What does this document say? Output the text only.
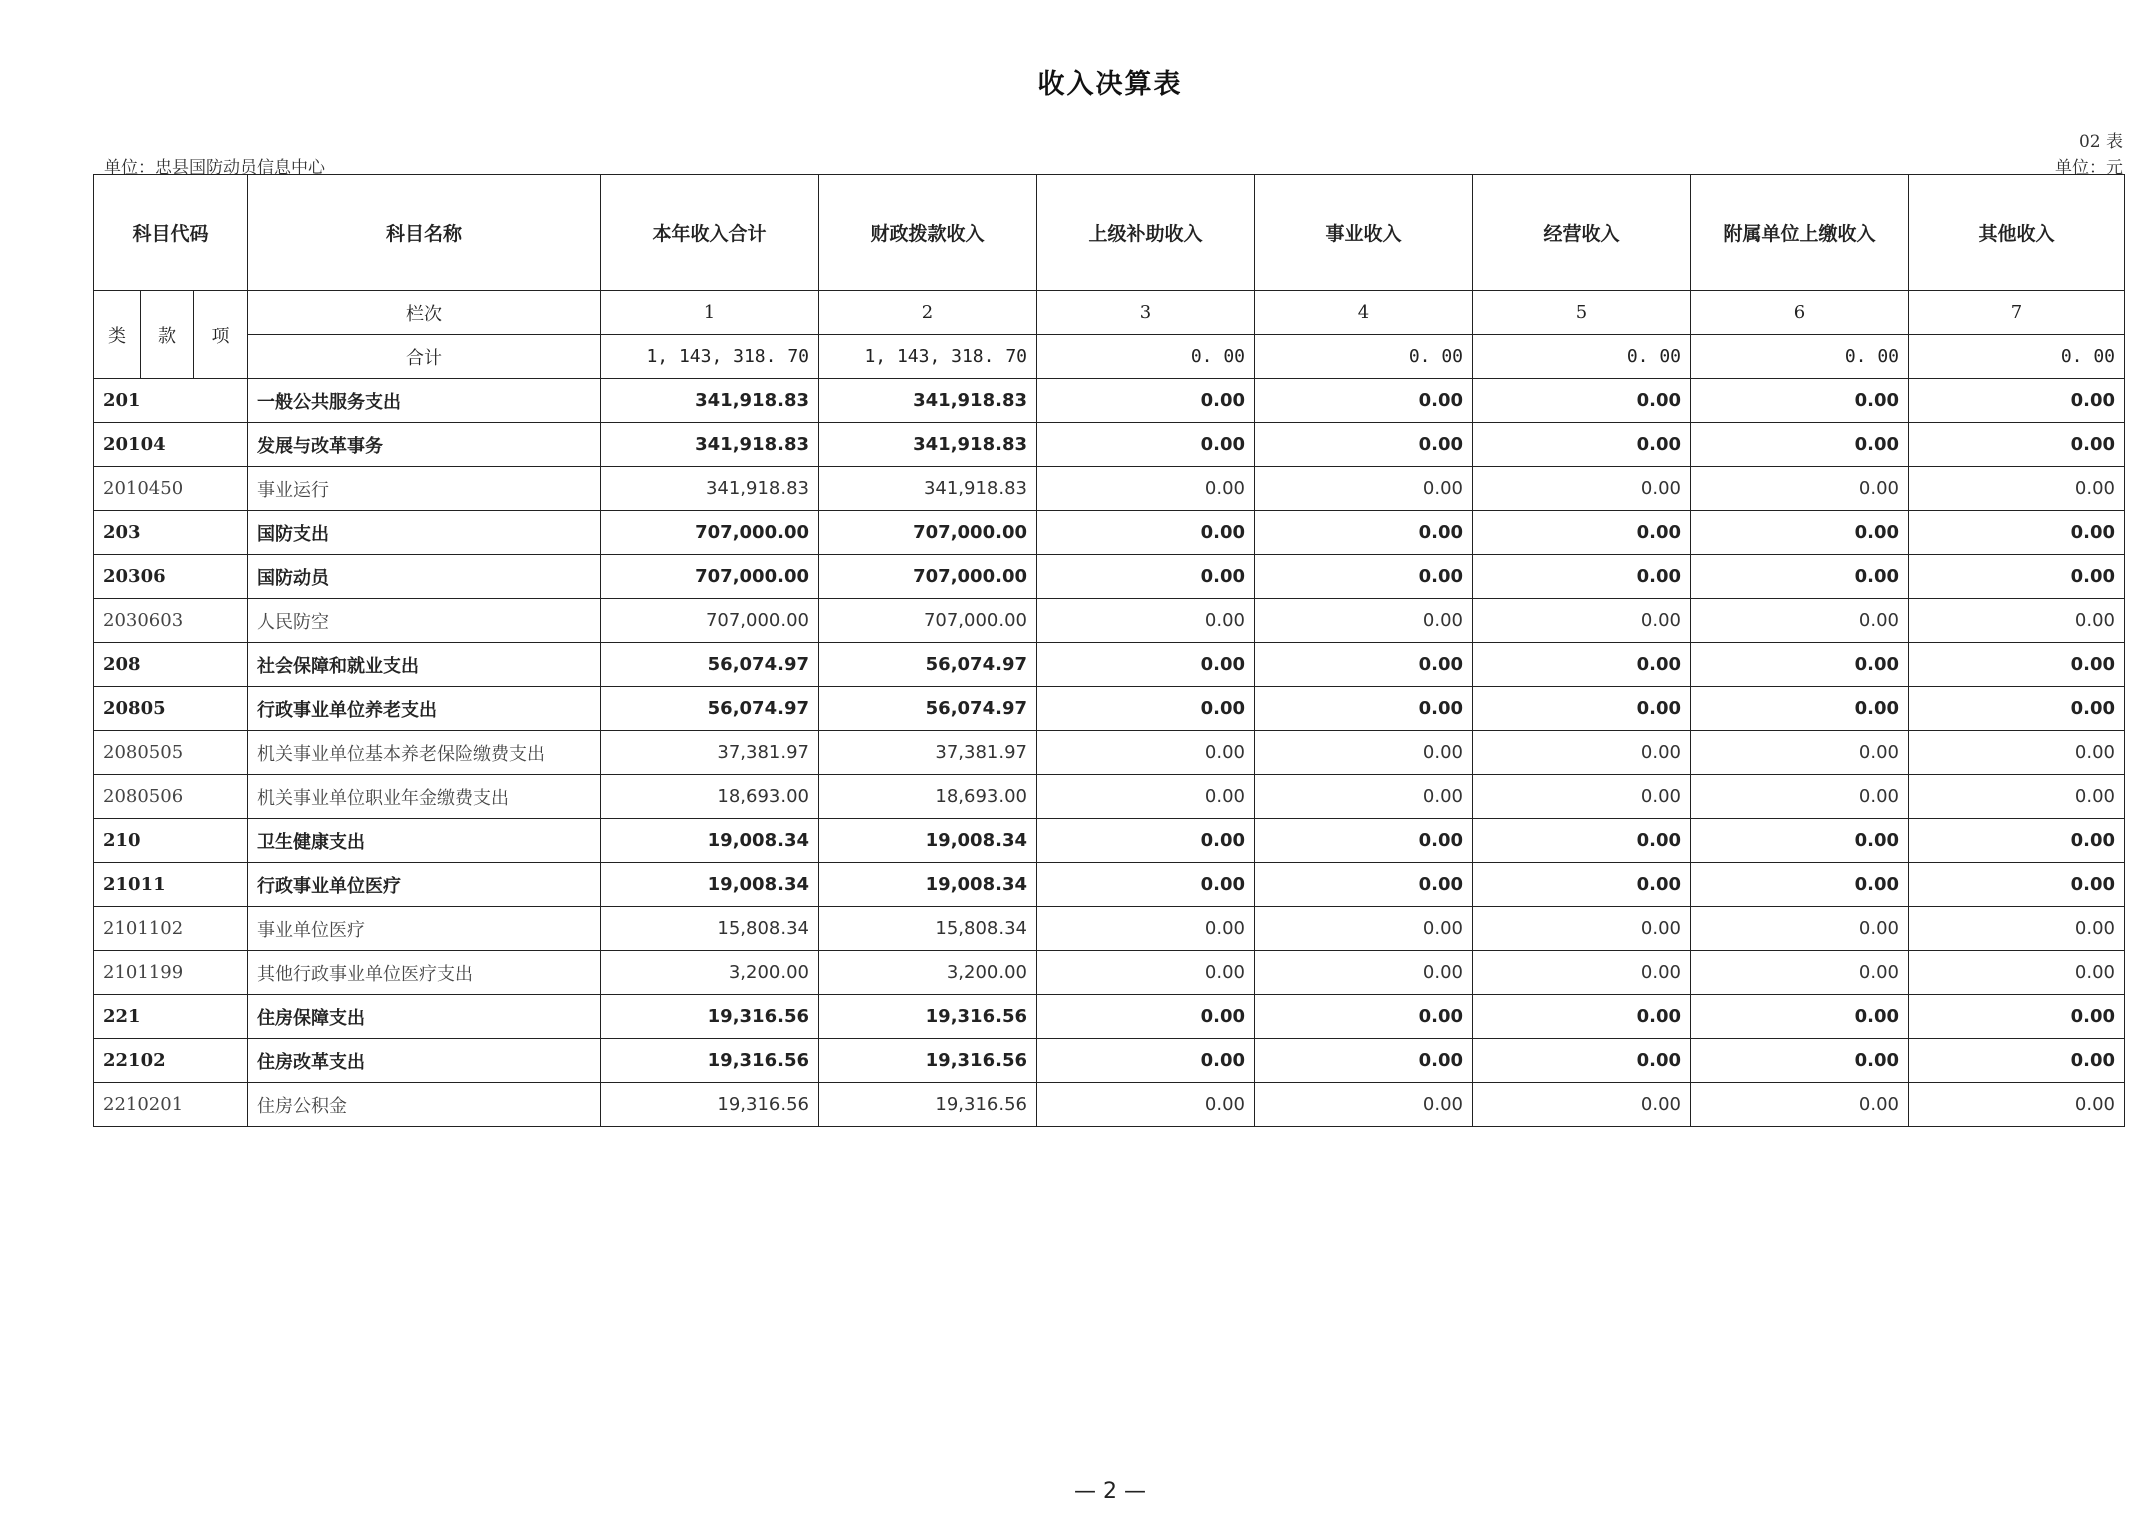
收入决算表
02 表
单位：忠县国防动员信息中心	单位：元
科目代码			科目名称	本年收入合计	财政拨款收入	上级补助收入	事业收入	经营收入	附属单位上缴收入	其他收入
类	款	项	栏次	1	2	3	4	5	6	7
			合计	1, 143, 318. 70	1, 143, 318. 70	0. 00	0. 00	0. 00	0. 00	0. 00
201			一般公共服务支出	341,918.83	341,918.83	0.00	0.00	0.00	0.00	0.00
20104			发展与改革事务	341,918.83	341,918.83	0.00	0.00	0.00	0.00	0.00
2010450			事业运行	341,918.83	341,918.83	0.00	0.00	0.00	0.00	0.00
203			国防支出	707,000.00	707,000.00	0.00	0.00	0.00	0.00	0.00
20306			国防动员	707,000.00	707,000.00	0.00	0.00	0.00	0.00	0.00
2030603			人民防空	707,000.00	707,000.00	0.00	0.00	0.00	0.00	0.00
208			社会保障和就业支出	56,074.97	56,074.97	0.00	0.00	0.00	0.00	0.00
20805			行政事业单位养老支出	56,074.97	56,074.97	0.00	0.00	0.00	0.00	0.00
2080505			机关事业单位基本养老保险缴费支出	37,381.97	37,381.97	0.00	0.00	0.00	0.00	0.00
2080506			机关事业单位职业年金缴费支出	18,693.00	18,693.00	0.00	0.00	0.00	0.00	0.00
210			卫生健康支出	19,008.34	19,008.34	0.00	0.00	0.00	0.00	0.00
21011			行政事业单位医疗	19,008.34	19,008.34	0.00	0.00	0.00	0.00	0.00
2101102			事业单位医疗	15,808.34	15,808.34	0.00	0.00	0.00	0.00	0.00
2101199			其他行政事业单位医疗支出	3,200.00	3,200.00	0.00	0.00	0.00	0.00	0.00
221			住房保障支出	19,316.56	19,316.56	0.00	0.00	0.00	0.00	0.00
22102			住房改革支出	19,316.56	19,316.56	0.00	0.00	0.00	0.00	0.00
2210201			住房公积金	19,316.56	19,316.56	0.00	0.00	0.00	0.00	0.00
— 2 —
